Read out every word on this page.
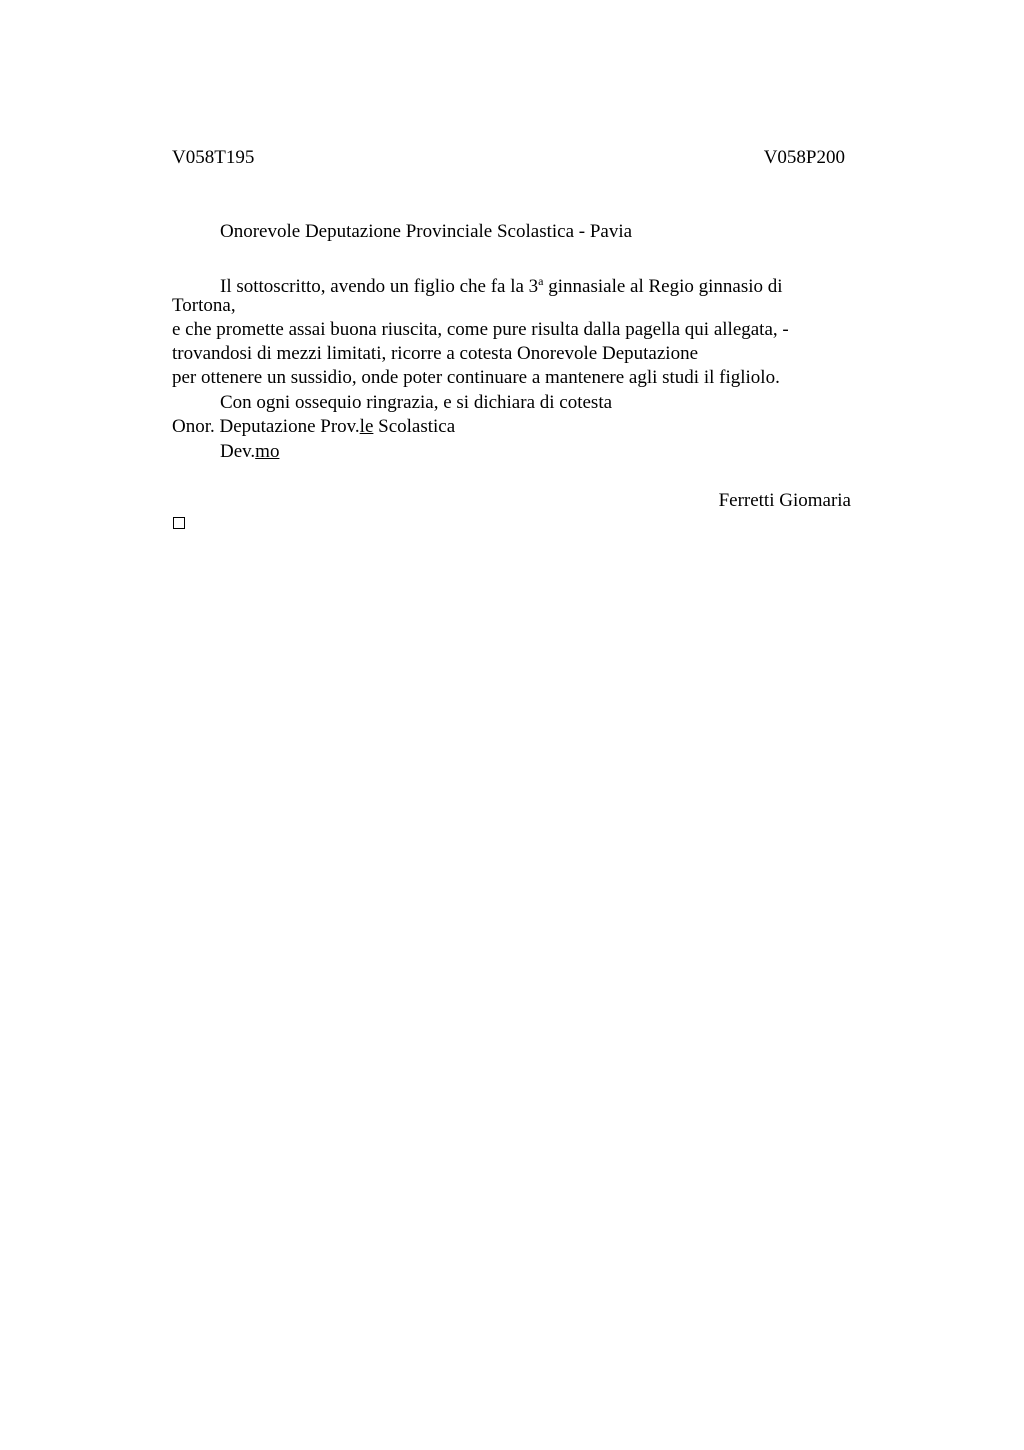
V058T195	V058P200
Onorevole Deputazione Provinciale Scolastica - Pavia
Il sottoscritto, avendo un figlio che fa la 3$^a$ ginnasiale al Regio ginnasio di
Tortona,
e che promette assai buona riuscita, come pure risulta dalla pagella qui allegata, -
trovandosi di mezzi limitati, ricorre a cotesta Onorevole Deputazione
per ottenere un sussidio, onde poter continuare a mantenere agli studi il figliolo.
Con ogni ossequio ringrazia, e si dichiara di cotesta
Onor. Deputazione Prov.le Scolastica
Dev.mo
Ferretti Giomaria
